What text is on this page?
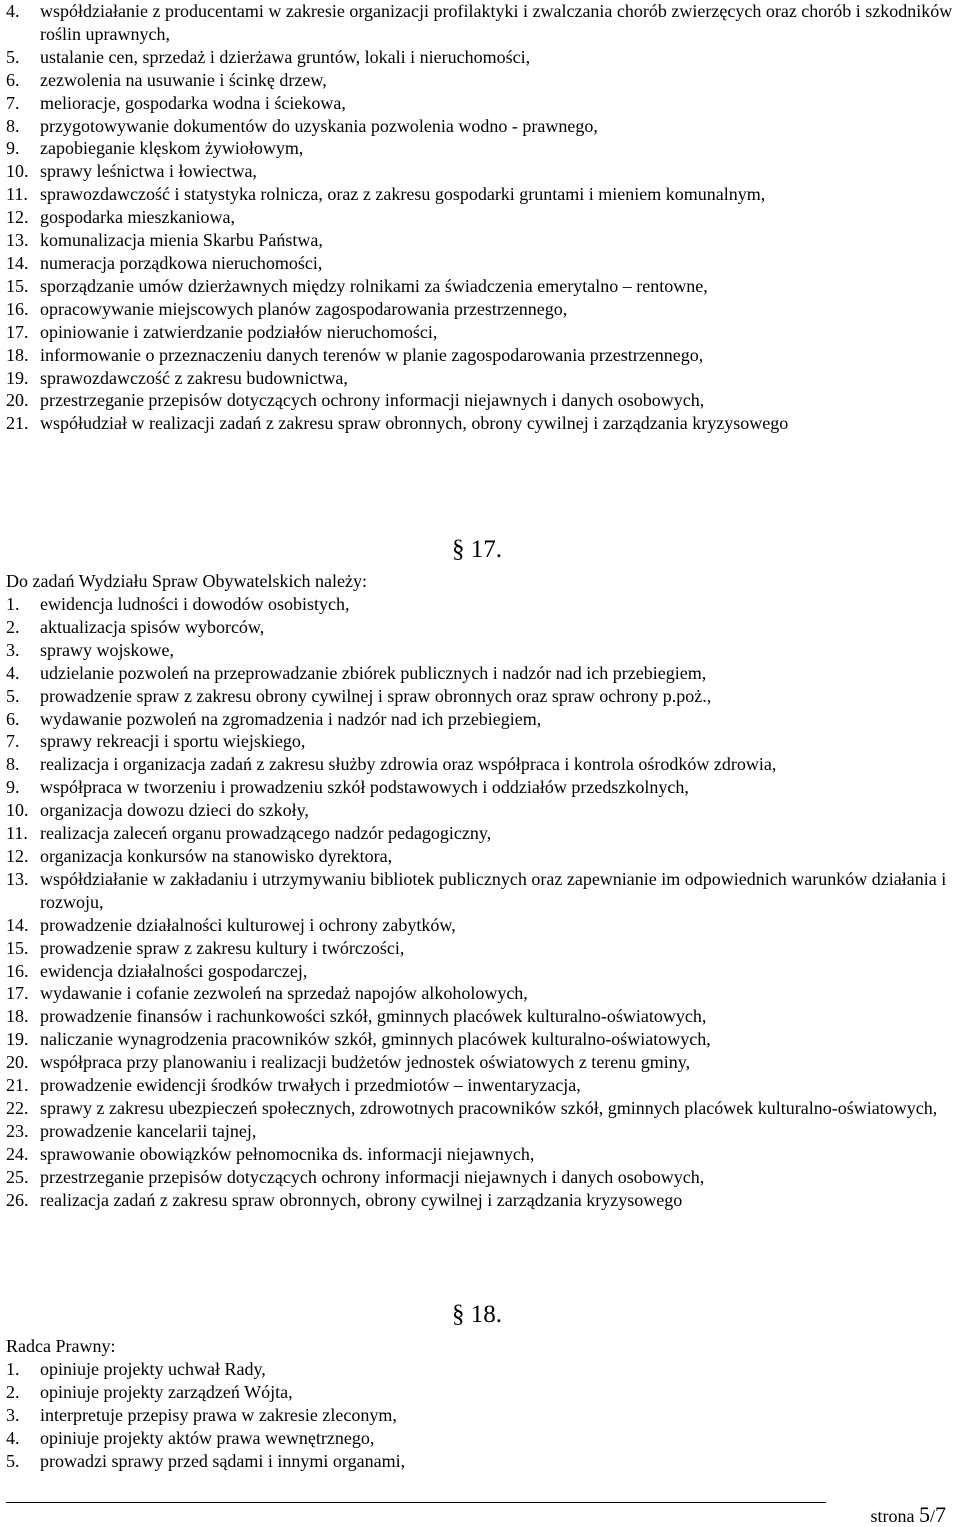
4.	współdziałanie z producentami w zakresie organizacji profilaktyki i zwalczania chorób zwierzęcych oraz chorób i szkodników roślin uprawnych,
5.	ustalanie cen, sprzedaż i dzierżawa gruntów, lokali i nieruchomości,
6.	zezwolenia na usuwanie i ścinkę drzew,
7.	melioracje, gospodarka wodna i ściekowa,
8.	przygotowywanie dokumentów do uzyskania pozwolenia wodno - prawnego,
9.	zapobieganie klęskom żywiołowym,
10. sprawy leśnictwa i łowiectwa,
11. sprawozdawczość i statystyka rolnicza, oraz z zakresu gospodarki gruntami i mieniem komunalnym,
12. gospodarka mieszkaniowa,
13. komunalizacja mienia Skarbu Państwa,
14. numeracja porządkowa nieruchomości,
15. sporządzanie umów dzierżawnych między rolnikami za świadczenia emerytalno – rentowne,
16. opracowywanie miejscowych planów zagospodarowania przestrzennego,
17. opiniowanie i zatwierdzanie podziałów nieruchomości,
18. informowanie o przeznaczeniu danych terenów w planie zagospodarowania przestrzennego,
19. sprawozdawczość z zakresu budownictwa,
20. przestrzeganie przepisów dotyczących ochrony informacji niejawnych i danych osobowych,
21. współudział w realizacji zadań z zakresu spraw obronnych, obrony cywilnej i zarządzania kryzysowego
§ 17.
Do zadań Wydziału Spraw Obywatelskich należy:
1.	ewidencja ludności i dowodów osobistych,
2.	aktualizacja spisów wyborców,
3.	sprawy wojskowe,
4.	udzielanie pozwoleń na przeprowadzanie zbiórek publicznych i nadzór nad ich przebiegiem,
5.	prowadzenie spraw z zakresu obrony cywilnej i spraw obronnych oraz spraw ochrony p.poż.,
6.	wydawanie pozwoleń na zgromadzenia i nadzór nad ich przebiegiem,
7.	sprawy rekreacji i sportu wiejskiego,
8.	realizacja i organizacja zadań z zakresu służby zdrowia oraz współpraca i kontrola ośrodków zdrowia,
9.	współpraca w tworzeniu i prowadzeniu szkół podstawowych i oddziałów przedszkolnych,
10. organizacja dowozu dzieci do szkoły,
11. realizacja zaleceń organu prowadzącego nadzór pedagogiczny,
12. organizacja konkursów na stanowisko dyrektora,
13. współdziałanie w zakładaniu i utrzymywaniu bibliotek publicznych oraz zapewnianie im odpowiednich warunków działania i rozwoju,
14. prowadzenie działalności kulturowej i ochrony zabytków,
15. prowadzenie spraw z zakresu kultury i twórczości,
16. ewidencja działalności gospodarczej,
17. wydawanie i cofanie zezwoleń na sprzedaż napojów alkoholowych,
18. prowadzenie finansów i rachunkowości szkół, gminnych placówek kulturalno-oświatowych,
19. naliczanie wynagrodzenia pracowników szkół, gminnych placówek kulturalno-oświatowych,
20. współpraca przy planowaniu i realizacji budżetów jednostek oświatowych z terenu gminy,
21. prowadzenie ewidencji środków trwałych i przedmiotów – inwentaryzacja,
22. sprawy z zakresu ubezpieczeń społecznych, zdrowotnych pracowników szkół, gminnych placówek kulturalno-oświatowych,
23. prowadzenie kancelarii tajnej,
24. sprawowanie obowiązków pełnomocnika ds. informacji niejawnych,
25. przestrzeganie przepisów dotyczących ochrony informacji niejawnych i danych osobowych,
26. realizacja zadań z zakresu spraw obronnych, obrony cywilnej i zarządzania kryzysowego
§ 18.
Radca Prawny:
1.	opiniuje projekty uchwał Rady,
2.	opiniuje projekty zarządzeń Wójta,
3.	interpretuje przepisy prawa w zakresie zleconym,
4.	opiniuje projekty aktów prawa wewnętrznego,
5.	prowadzi sprawy przed sądami i innymi organami,
strona 5/7
